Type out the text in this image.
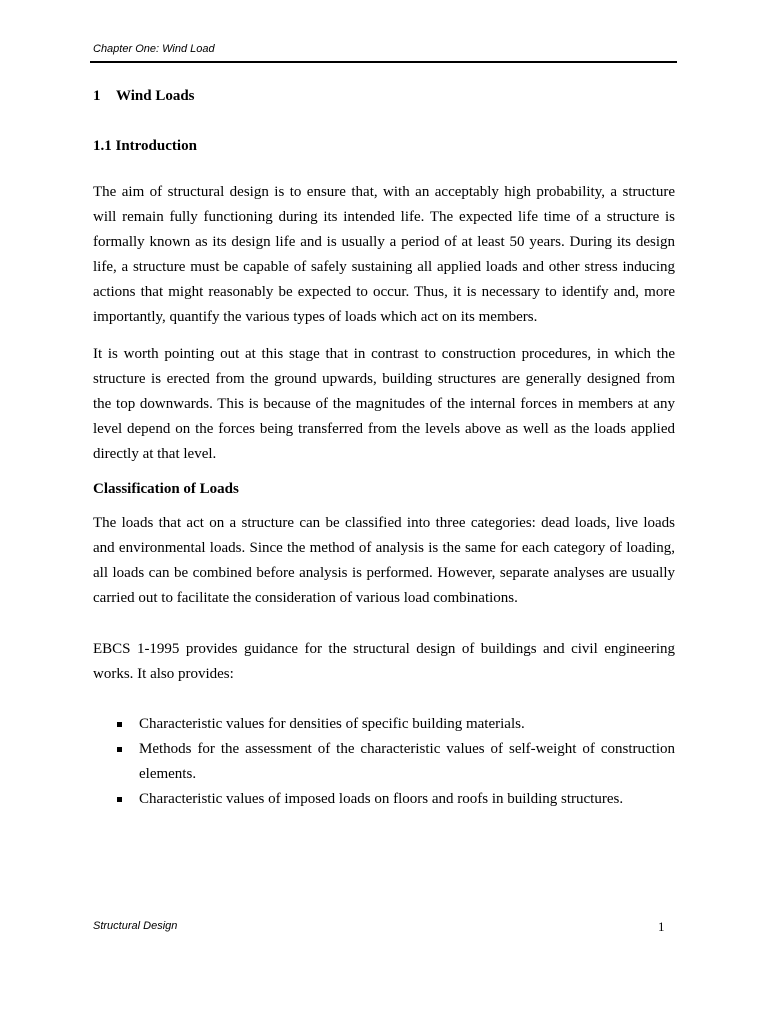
Chapter One: Wind Load
1 Wind Loads
1.1 Introduction

The aim of structural design is to ensure that, with an acceptably high probability, a structure will remain fully functioning during its intended life. The expected life time of a structure is formally known as its design life and is usually a period of at least 50 years. During its design life, a structure must be capable of safely sustaining all applied loads and other stress inducing actions that might reasonably be expected to occur. Thus, it is necessary to identify and, more importantly, quantify the various types of loads which act on its members.

It is worth pointing out at this stage that in contrast to construction procedures, in which the structure is erected from the ground upwards, building structures are generally designed from the top downwards. This is because of the magnitudes of the internal forces in members at any level depend on the forces being transferred from the levels above as well as the loads applied directly at that level.

Classification of Loads

The loads that act on a structure can be classified into three categories: dead loads, live loads and environmental loads. Since the method of analysis is the same for each category of loading, all loads can be combined before analysis is performed. However, separate analyses are usually carried out to facilitate the consideration of various load combinations.

EBCS 1-1995 provides guidance for the structural design of buildings and civil engineering works. It also provides:

Characteristic values for densities of specific building materials.
Methods for the assessment of the characteristic values of self-weight of construction elements.
Characteristic values of imposed loads on floors and roofs in building structures.
Structural Design	1
